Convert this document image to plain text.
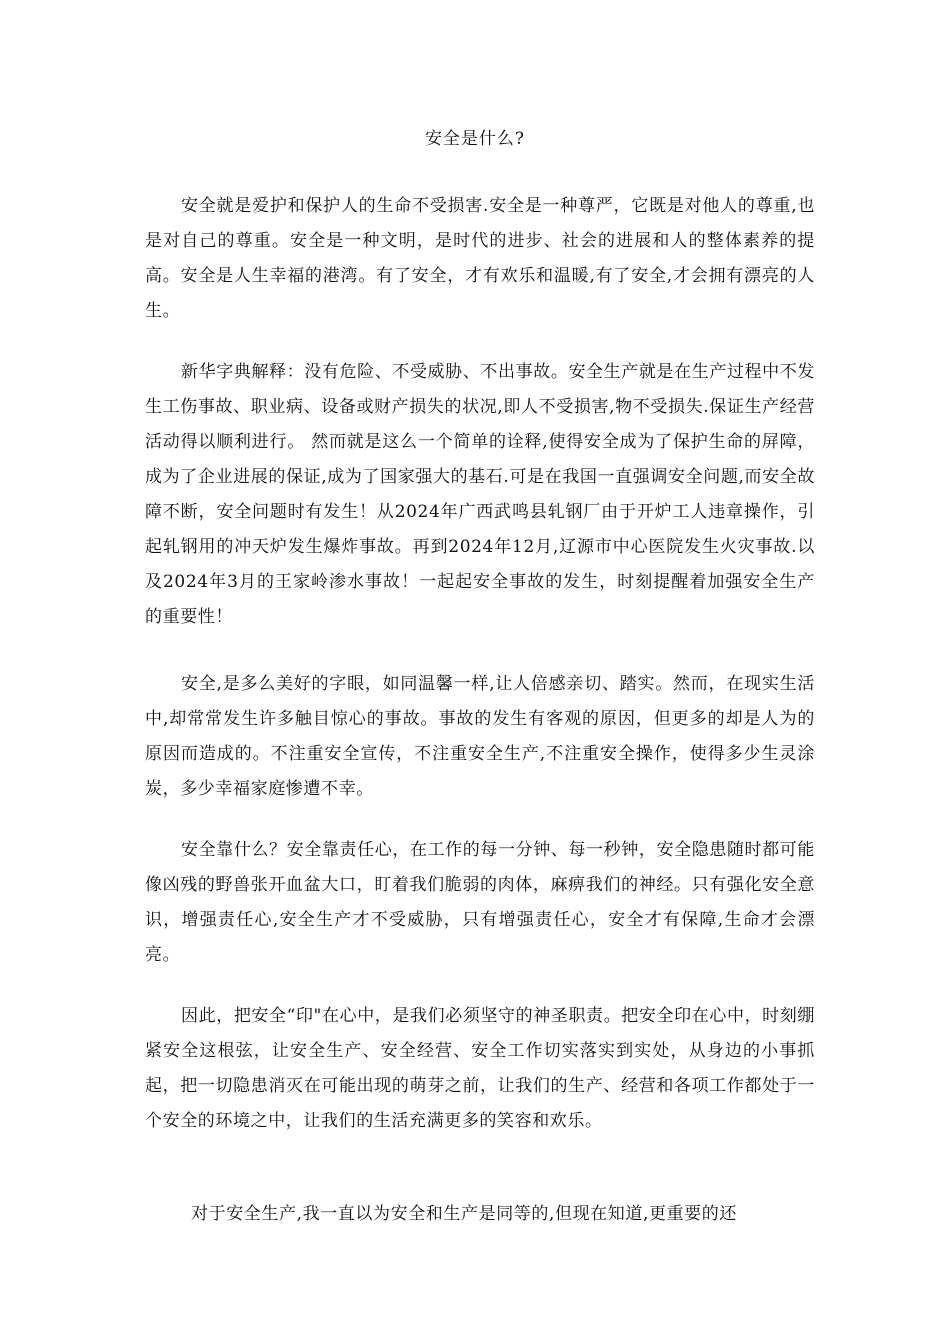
安全是什么?

安全就是爱护和保护人的生命不受损害.安全是一种尊严，它既是对他人的尊重,也是对自己的尊重。安全是一种文明，是时代的进步、社会的进展和人的整体素养的提高。安全是人生幸福的港湾。有了安全，才有欢乐和温暖,有了安全,才会拥有漂亮的人生。

新华字典解释：没有危险、不受威胁、不出事故。安全生产就是在生产过程中不发生工伤事故、职业病、设备或财产损失的状况,即人不受损害,物不受损失.保证生产经营活动得以顺利进行。 然而就是这么一个简单的诠释,使得安全成为了保护生命的屏障，成为了企业进展的保证,成为了国家强大的基石.可是在我国一直强调安全问题,而安全故障不断，安全问题时有发生！从2024年广西武鸣县轧钢厂由于开炉工人违章操作，引起轧钢用的冲天炉发生爆炸事故。再到2024年12月,辽源市中心医院发生火灾事故.以及2024年3月的王家岭渗水事故！一起起安全事故的发生，时刻提醒着加强安全生产的重要性！

安全,是多么美好的字眼，如同温馨一样,让人倍感亲切、踏实。然而，在现实生活中,却常常发生许多触目惊心的事故。事故的发生有客观的原因，但更多的却是人为的原因而造成的。不注重安全宣传，不注重安全生产,不注重安全操作，使得多少生灵涂炭，多少幸福家庭惨遭不幸。

安全靠什么？安全靠责任心，在工作的每一分钟、每一秒钟，安全隐患随时都可能像凶残的野兽张开血盆大口，盯着我们脆弱的肉体，麻痹我们的神经。只有强化安全意识，增强责任心,安全生产才不受威胁，只有增强责任心，安全才有保障,生命才会漂亮。

因此，把安全“印"在心中，是我们必须坚守的神圣职责。把安全印在心中，时刻绷紧安全这根弦，让安全生产、安全经营、安全工作切实落实到实处，从身边的小事抓起，把一切隐患消灭在可能出现的萌芽之前，让我们的生产、经营和各项工作都处于一个安全的环境之中，让我们的生活充满更多的笑容和欢乐。

对于安全生产,我一直以为安全和生产是同等的,但现在知道,更重要的还
